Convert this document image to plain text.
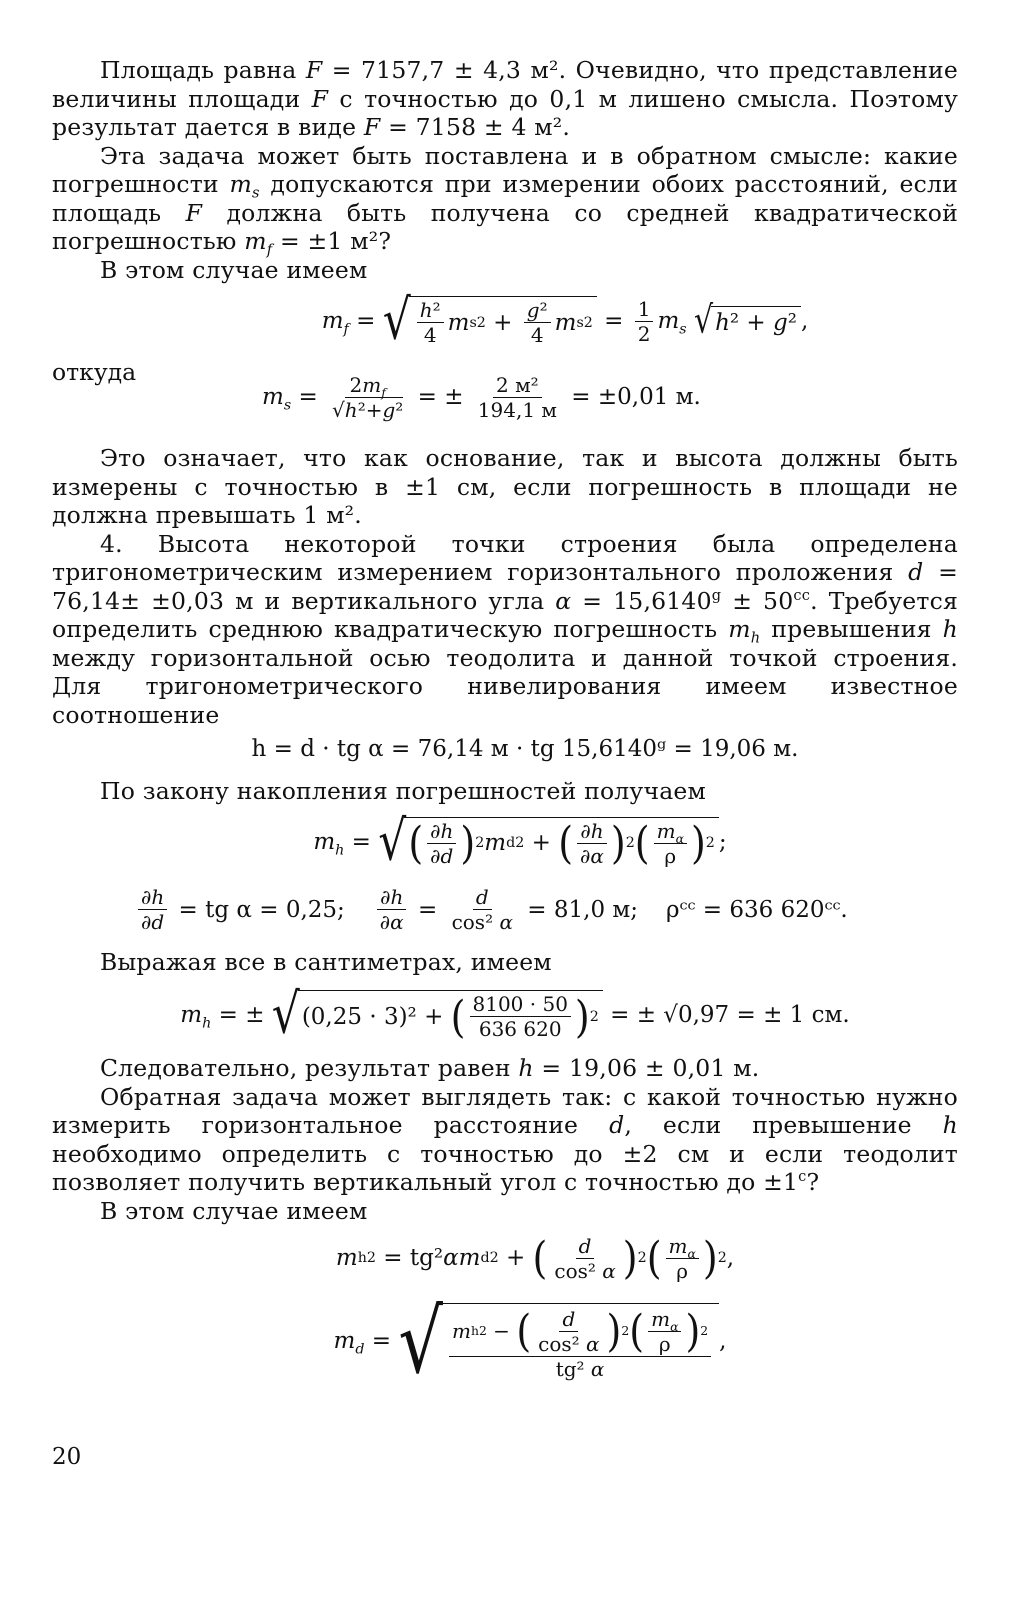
Площадь равна F = 7157,7 ± 4,3 м². Очевидно, что представление величины площади F с точностью до 0,1 м лишено смысла. Поэтому результат дается в виде F = 7158 ± 4 м².

Эта задача может быть поставлена и в обратном смысле: какие погрешности $m_s$ допускаются при измерении обоих расстояний, если площадь F должна быть получена со средней квадратической погрешностью $m_f = \pm 1$ м²?

В этом случае имеем

$m_f$ = √ $\frac{\text{h²}}{4}$ m s $2 + \frac{\text{g²}}{4}$ m s $2 = \frac{1}{2} m_s$
√ h ² + g ² ,
откуда
$m_s = \frac{2m_f}{\text{√h²+g²}}$ = ± $\frac{\text{2 м²}}{194,1 м}$
= ±0,01 м.

Это означает, что как основание, так и высота должны быть измерены с точностью в ±1 см, если погрешность в площади не должна превышать 1 м².

4. Высота некоторой точки строения была определена тригонометрическим измерением горизонтального проложения d = 76,14± ±0,03 м и вертикального угла $\alpha = 15,6140^g \pm 50^{cc}$. Требуется определить среднюю квадратическую погрешность $m_h$ превышения h между горизонтальной осью теодолита и данной точкой строения. Для тригонометрического нивелирования имеем известное соотношение

h = d · tg α = 76,14 м · tg 15,6140ᵍ = 19,06 м.

По закону накопления погрешностей получаем

$m_h$ = √ ( $\frac{\partial h}{\partial d}$ ) 2 m d 2 + ( $\frac{\partial h}{\partial\alpha}$ ) 2 ( $\frac{m_\alpha}{\rho}$ ) 2 ;
$\frac{\partial h}{\partial d}$
= tg α = 0,25; $\frac{\partial h}{\partial\alpha} = \frac{d}{\text{cos² α}}$
= 81,0 м; ρᶜᶜ = 636 620ᶜᶜ.

Выражая все в сантиметрах, имеем

$m_h$ = ± √ (0,25 · 3)² + ( $\frac{8100 \cdot 50}{636 620}$ ) 2
= ± √0,97 = ± 1 см.

Следовательно, результат равен h = 19,06 ± 0,01 м.

Обратная задача может выглядеть так: с какой точностью нужно измерить горизонтальное расстояние d, если превышение h необходимо определить с точностью до ±2 см и если теодолит позволяет получить вертикальный угол с точностью до $\pm 1^c$?

В этом случае имеем

m h 2 = tg² α m d 2 + ( $\frac{d}{\text{cos² α}}$ ) 2 ( $\frac{m_\alpha}{\rho}$ ) 2 ,
$m_d$ = √ $\frac{m h 2 - ( \frac{d}{\text{cos² α}} ) 2 ( \frac{m_\alpha}{\rho} ) 2}{\text{tg² α}}$ ,
20
